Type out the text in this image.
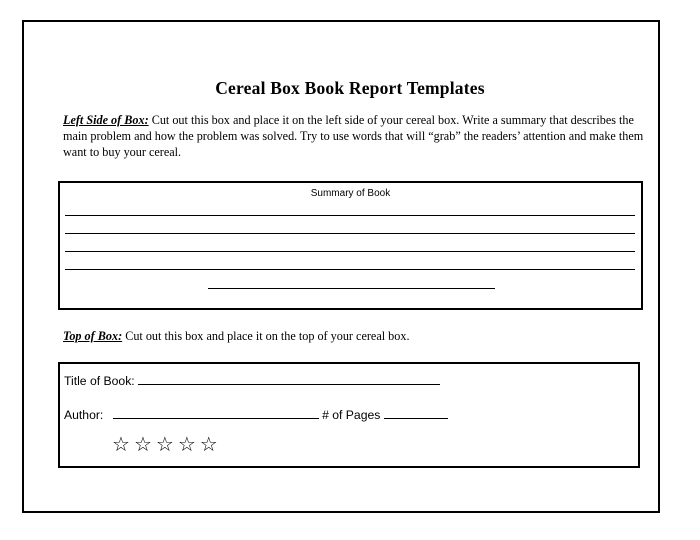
Cereal Box Book Report Templates
Left Side of Box: Cut out this box and place it on the left side of your cereal box. Write a summary that describes the main problem and how the problem was solved. Try to use words that will “grab” the readers’ attention and make them want to buy your cereal.
Summary of Book
Top of Box: Cut out this box and place it on the top of your cereal box.
Title of Book:
Author:	# of Pages
☆☆☆☆☆
